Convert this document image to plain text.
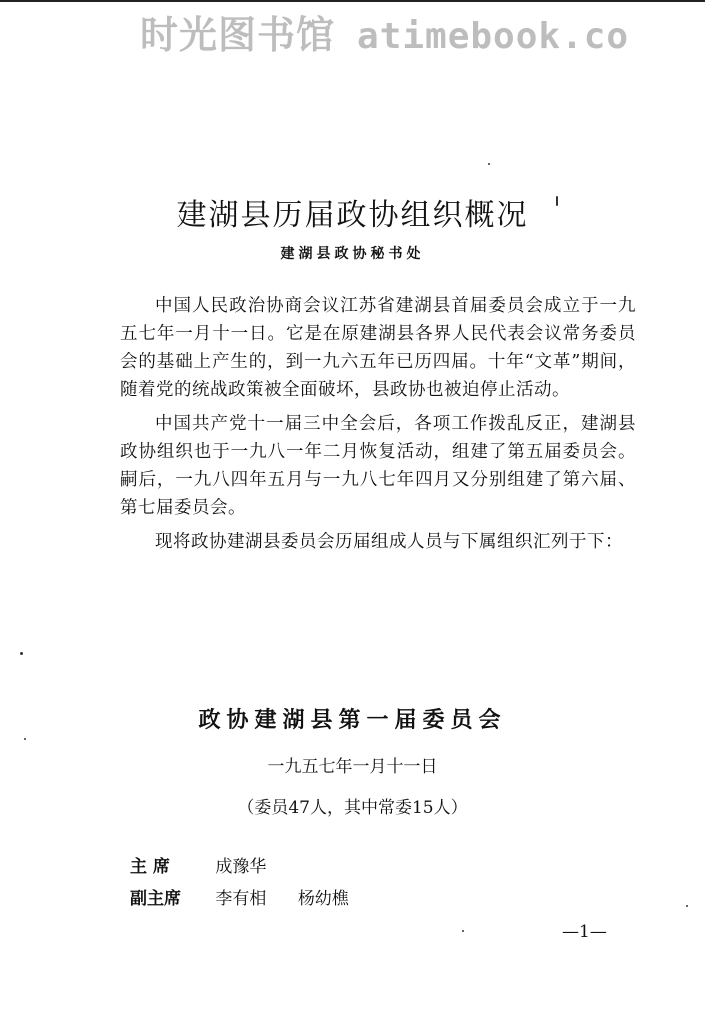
时光图书馆 atimebook.co
建湖县历届政协组织概况
建湖县政协秘书处

中国人民政治协商会议江苏省建湖县首届委员会成立于一九五七年一月十一日。它是在原建湖县各界人民代表会议常务委员会的基础上产生的，到一九六五年已历四届。十年“文革”期间，随着党的统战政策被全面破坏，县政协也被迫停止活动。

中国共产党十一届三中全会后，各项工作拨乱反正，建湖县政协组织也于一九八一年二月恢复活动，组建了第五届委员会。嗣后，一九八四年五月与一九八七年四月又分别组建了第六届、第七届委员会。

现将政协建湖县委员会历届组成人员与下属组织汇列于下：

政协建湖县第一届委员会
一九五七年一月十一日
（委员47人，其中常委15人）
主 席	成豫华
副主席 李有相 杨幼樵
—1—
